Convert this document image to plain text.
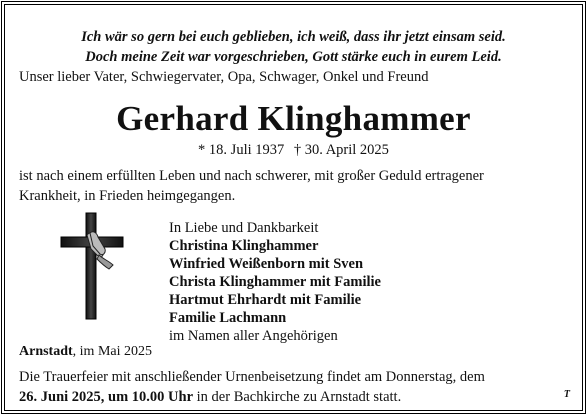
Ich wär so gern bei euch geblieben, ich weiß, dass ihr jetzt einsam seid.
Doch meine Zeit war vorgeschrieben, Gott stärke euch in eurem Leid.
Unser lieber Vater, Schwiegervater, Opa, Schwager, Onkel und Freund
Gerhard Klinghammer
* 18. Juli 1937 † 30. April 2025
ist nach einem erfüllten Leben und nach schwerer, mit großer Geduld ertragener
Krankheit, in Frieden heimgegangen.
In Liebe und Dankbarkeit
Christina Klinghammer
Winfried Weißenborn mit Sven
Christa Klinghammer mit Familie
Hartmut Ehrhardt mit Familie
Familie Lachmann
im Namen aller Angehörigen
Arnstadt, im Mai 2025
Die Trauerfeier mit anschließender Urnenbeisetzung findet am Donnerstag, dem
26. Juni 2025, um 10.00 Uhr in der Bachkirche zu Arnstadt statt.	T
